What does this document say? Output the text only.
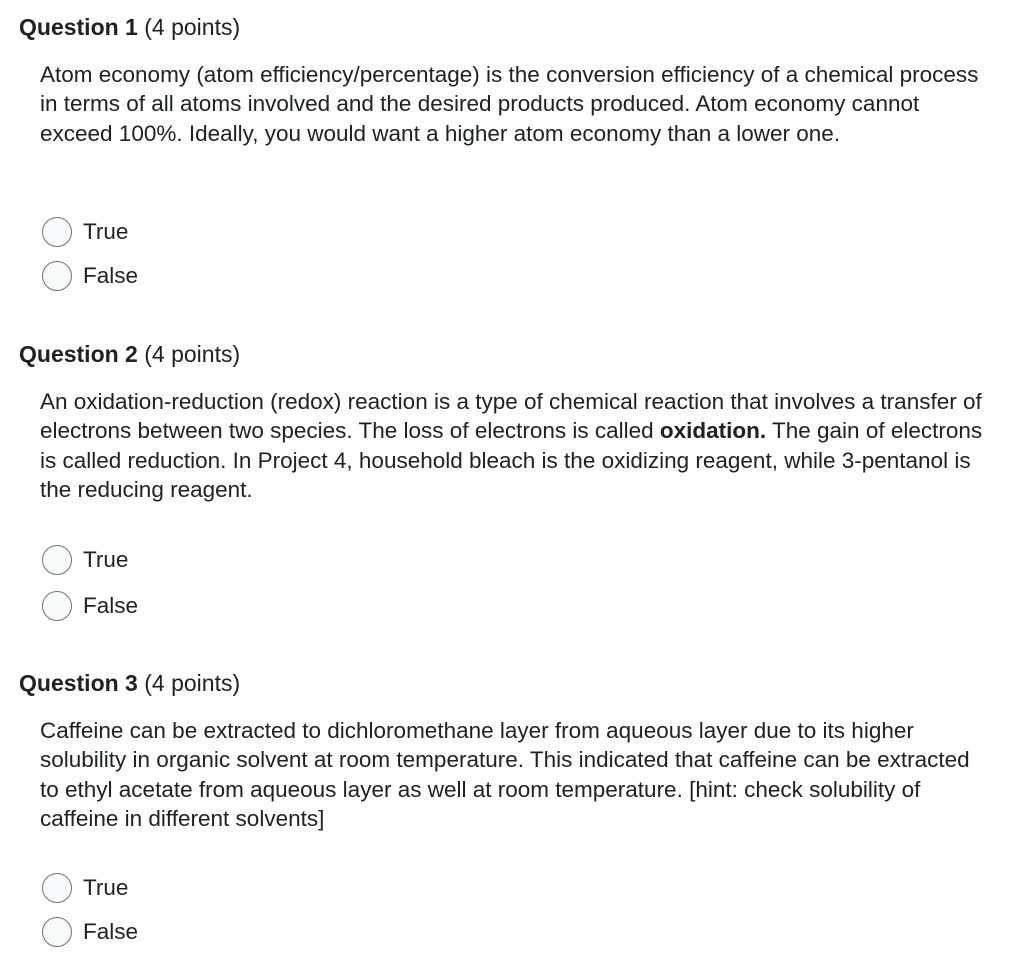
Question 1 (4 points)

Atom economy (atom efficiency/percentage) is the conversion efficiency of a chemical process in terms of all atoms involved and the desired products produced. Atom economy cannot exceed 100%. Ideally, you would want a higher atom economy than a lower one.

True
False
Question 2 (4 points)

An oxidation-reduction (redox) reaction is a type of chemical reaction that involves a transfer of electrons between two species. The loss of electrons is called oxidation. The gain of electrons is called reduction. In Project 4, household bleach is the oxidizing reagent, while 3-pentanol is the reducing reagent.

True
False
Question 3 (4 points)

Caffeine can be extracted to dichloromethane layer from aqueous layer due to its higher solubility in organic solvent at room temperature. This indicated that caffeine can be extracted to ethyl acetate from aqueous layer as well at room temperature. [hint: check solubility of caffeine in different solvents]

True
False
